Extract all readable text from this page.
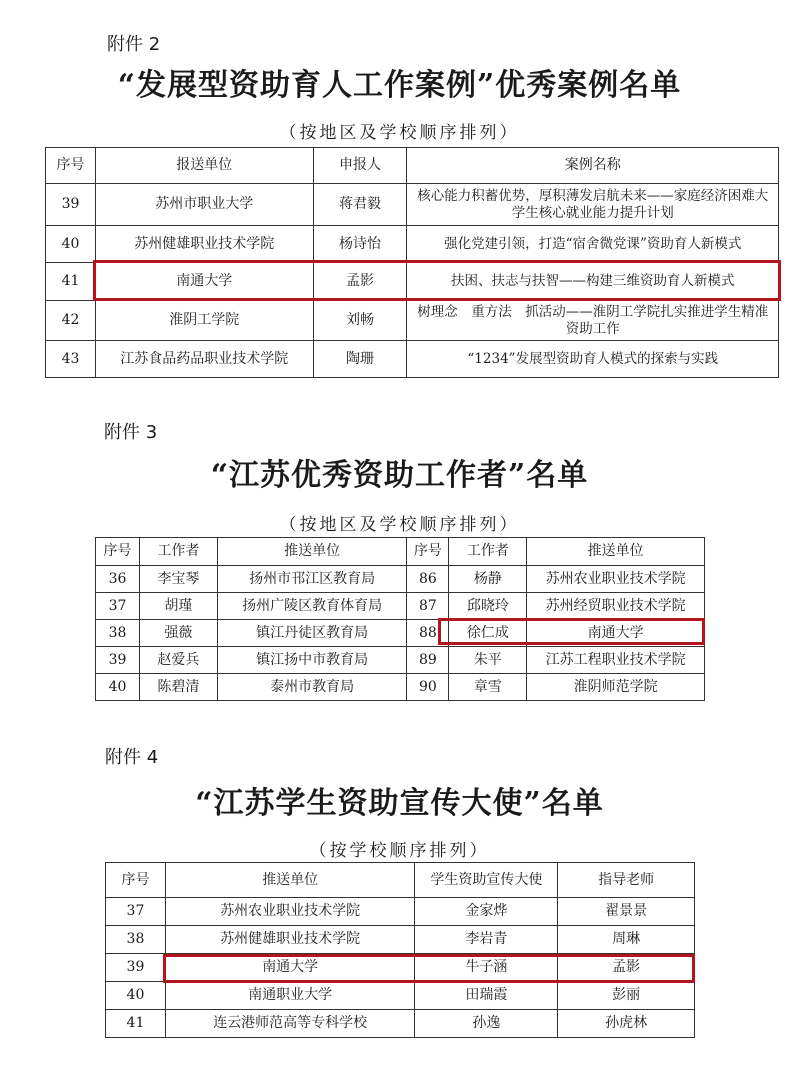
附件 2
“发展型资助育人工作案例”优秀案例名单
（按地区及学校顺序排列）
序号	报送单位	申报人	案例名称
39	苏州市职业大学	蒋君毅	核心能力积蓄优势，厚积薄发启航未来——家庭经济困难大学生核心就业能力提升计划
40	苏州健雄职业技术学院	杨诗怡	强化党建引领，打造“宿舍微党课”资助育人新模式
41	南通大学	孟影	扶困、扶志与扶智——构建三维资助育人新模式
42	淮阴工学院	刘畅	树理念　重方法　抓活动——淮阴工学院扎实推进学生精准资助工作
43	江苏食品药品职业技术学院	陶珊	“1234”发展型资助育人模式的探索与实践
附件 3
“江苏优秀资助工作者”名单
（按地区及学校顺序排列）
序号	工作者	推送单位	序号	工作者	推送单位
36	李宝琴	扬州市邗江区教育局	86	杨静	苏州农业职业技术学院
37	胡瑾	扬州广陵区教育体育局	87	邱晓玲	苏州经贸职业技术学院
38	强薇	镇江丹徒区教育局	88	徐仁成	南通大学
39	赵爱兵	镇江扬中市教育局	89	朱平	江苏工程职业技术学院
40	陈碧清	泰州市教育局	90	章雪	淮阴师范学院
附件 4
“江苏学生资助宣传大使”名单
（按学校顺序排列）
序号	推送单位	学生资助宣传大使	指导老师
37	苏州农业职业技术学院	金家烨	翟景景
38	苏州健雄职业技术学院	李岩青	周琳
39	南通大学	牛子涵	孟影
40	南通职业大学	田瑞霞	彭丽
41	连云港师范高等专科学校	孙逸	孙虎林
